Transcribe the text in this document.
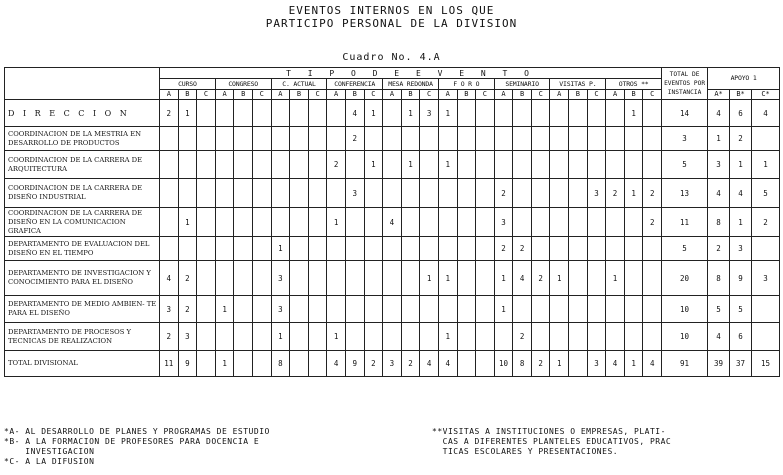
EVENTOS INTERNOS EN LOS QUE
PARTICIPO PERSONAL DE LA DIVISION
Cuadro No. 4.A
	T I P O D E E V E N T O																											TOTAL DE EVENTOS POR INSTANCIA	APOYO 1		
	CURSO			CONGRESO			C. ACTUAL			CONFERENCIA			MESA REDONDA			F O R O			SEMINARIO			VISITAS P.			OTROS **						
	A	B	C	A	B	C	A	B	C	A	B	C	A	B	C	A	B	C	A	B	C	A	B	C	A	B	C		A*	B*	C*
D I R E C C I O N	2	1									4	1		1	3	1										1		14	4	6	4
COORDINACION DE LA MESTRIA EN DESARROLLO DE PRODUCTOS											2																	3	1	2	
COORDINACION DE LA CARRERA DE ARQUITECTURA										2		1		1		1												5	3	1	1
COORDINACION DE LA CARRERA DE DISEÑO INDUSTRIAL											3								2					3	2	1	2	13	4	4	5
COORDINACION DE LA CARRERA DE DISEÑO EN LA COMUNICACION GRAFICA		1								1			4						3								2	11	8	1	2
DEPARTAMENTO DE EVALUACION DEL DISEÑO EN EL TIEMPO							1												2	2								5	2	3	
DEPARTAMENTO DE INVESTIGACION Y CONOCIMIENTO PARA EL DISEÑO	4	2					3								1	1			1	4	2	1			1			20	8	9	3
DEPARTAMENTO DE MEDIO AMBIEN- TE PARA EL DISEÑO	3	2		1			3												1									10	5	5	
DEPARTAMENTO DE PROCESOS Y TECNICAS DE REALIZACION	2	3					1			1						1				2								10	4	6	
TOTAL DIVISIONAL	11	9		1			8			4	9	2	3	2	4	4			10	8	2	1		3	4	1	4	91	39	37	15
*A- AL DESARROLLO DE PLANES Y PROGRAMAS DE ESTUDIO
*B- A LA FORMACION DE PROFESORES PARA DOCENCIA E
INVESTIGACION
*C- A LA DIFUSION
**VISITAS A INSTITUCIONES O EMPRESAS, PLATI-
CAS A DIFERENTES PLANTELES EDUCATIVOS, PRAC
TICAS ESCOLARES Y PRESENTACIONES.
